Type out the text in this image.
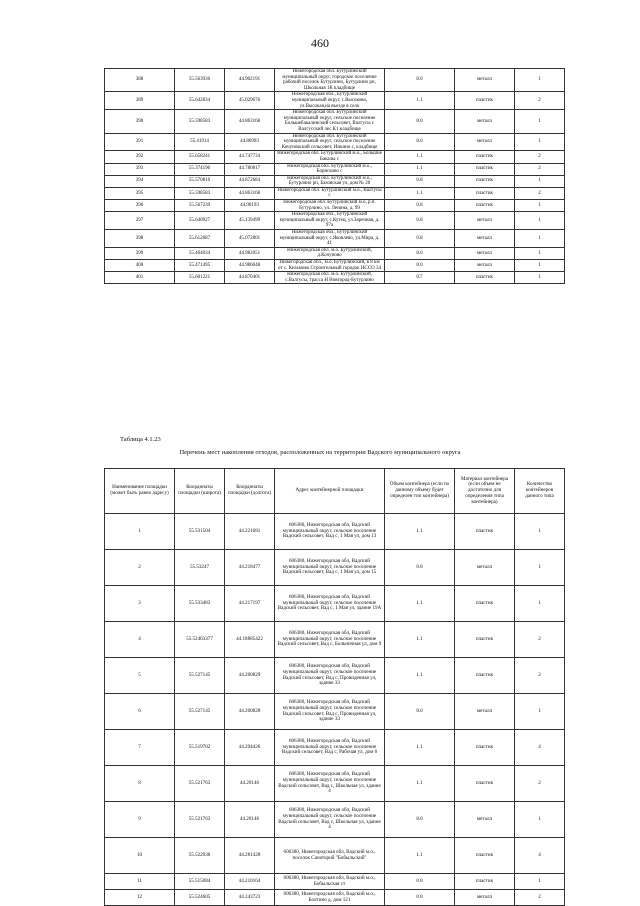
460
388	55.563936	44.902191	Нижегородская обл. Бутурлинский муниципальный округ, городское поселение рабочий поселок Бутурлино, Бутурлино рп, Школьная 1К кладбище	8.0	металл	1
389	55.642834	45.029676	Нижегородская обл., Бутурлинский муниципальный округ, с.Высоково, ул.Высокая,на въезде в село	1.1	пластик	2
390	55.598583	44.863168	Нижегородская обл. Бутурлинский муниципальный округ, сельское поселение Большебакалинский сельсовет, Валгусы с Валгусский лес К1 кладбище	8.0	металл	1
391	55.41914	44.86993	Нижегородская обл. Бутурлинский муниципальный округ, сельское поселение Кочуновский сельсовет, Инкино с, кладбище	8.0	металл	1
392	55.658241	44.747734	Нижегородская обл. Бутурлинский м.о., Большие Бакалы с	1.1	пластик	2
393	55.374196	44.780817	Нижегородская обл. Бутурлинский м.о., Борисково с	1.1	пластик	2
394	55.570816	44.872684	Нижегородская обл. Бутурлинский м.о., Бутурлино рп, Базовская ул, дом № 20	0.8	пластик	1
395	55.598583	44.863168	Нижегородская обл. Бутурлинский м.о., Валгусы с	1.1	пластик	2
396	55.567239	44.90193	Нижегородская обл. Бутурлинский м.о, р.п. Бутурлино, ул. Ленина, д. 99	0.8	пластик	1
397	55.640927	45.139499	Нижегородская обл., Бутурлинский муниципальный округ, с.Кутец, ул.Заречная, д. 97а	0.8	металл	1
398	55.612687	45.072801	Нижегородская обл., Бутурлинский муниципальный округ, с.Яковлево, ул.Мира, д. 41	0.8	металл	1
399	55.464034	44.982051	Нижегородская обл. м.о. Бутурлинский, д.Кочуново	8.0	металл	1
400	55.471495	44.986048	Нижегородская обл., м.о. Бутурлинский, в 8 км от с. Кельмово Строительный городок НССО 34	8.0	металл	1
401	55.601221	44.870401	Нижегородская обл. м.о. Бутурлинский, с.Валгусы, трасса Н Новгород-Бутурлино	0.7	пластик	1
Таблица 4.1.23
Перечень мест накопления отходов, расположенных на территории Вадского муниципального округа
Наименование площадки (может быть равно адресу)	Координаты площадки (широта)	Координаты площадки (долгота)	Адрес контейнерной площадки	Объем контейнера (если по данному объему будет определен тип контейнера)	Материал контейнера (если объем не достаточно для определения типа контейнера)	Количество контейнеров данного типа
1	55.531504	44.221681	606380, Нижегородская обл, Вадский муниципальный округ, сельское поселение Вадский сельсовет, Вад с, 1 Мая ул, дом 13	1.1	пластик	1
2	55.53247	44.218477	606380, Нижегородская обл, Вадский муниципальный округ, сельское поселение Вадский сельсовет, Вад с, 1 Мая ул, дом 15	0.8	металл	1
3	55.533483	44.217197	606380, Нижегородская обл, Вадский муниципальный округ, сельское поселение Вадский сельсовет, Вад с, 1 Мая ул, здание 19А	1.1	пластик	1
4	55.52463377	44.18885422	606380, Нижегородская обл, Вадский муниципальный округ, сельское поселение Вадский сельсовет, Вад с, Больничная ул, дом 9	1.1	пластик	2
5	55.527145	44.200829	606380, Нижегородская обл, Вадский муниципальный округ, сельское поселение Вадский сельсовет, Вад с, Провиденная ул, здание 33	1.1	пластик	2
6	55.527145	44.200828	606380, Нижегородская обл, Вадский муниципальный округ, сельское поселение Вадский сельсовет, Вад с, Провиденная ул, здание 33	8.0	металл	1
7	55.519702	44.204426	606380, Нижегородская обл, Вадский муниципальный округ, сельское поселение Вадский сельсовет, Вад с, Рабочая ул, дом 6	1.1	пластик	4
8	55.521763	44.20146	606380, Нижегородская обл, Вадский муниципальный округ, сельское поселение Вадский сельсовет, Вад с, Школьная ул, здание 4	1.1	пластик	2
9	55.521763	44.20146	606380, Нижегородская обл, Вадский муниципальный округ, сельское поселение Вадский сельсовет, Вад с, Школьная ул, здание 4	8.0	металл	1
10	55.522938	44.281428	606380, Нижегородская обл, Вадский м.о., поселок Санаторий "Бобыльский"	1.1	пластик	4
11	55.515084	44.210164	606380, Нижегородская обл, Вадский м.о., Бобыльская ст	0.8	пластик	1
12	55.524605	44.243723	606380, Нижегородская обл, Вадский м.о., Болтино д, дом 121	0.8	металл	2
